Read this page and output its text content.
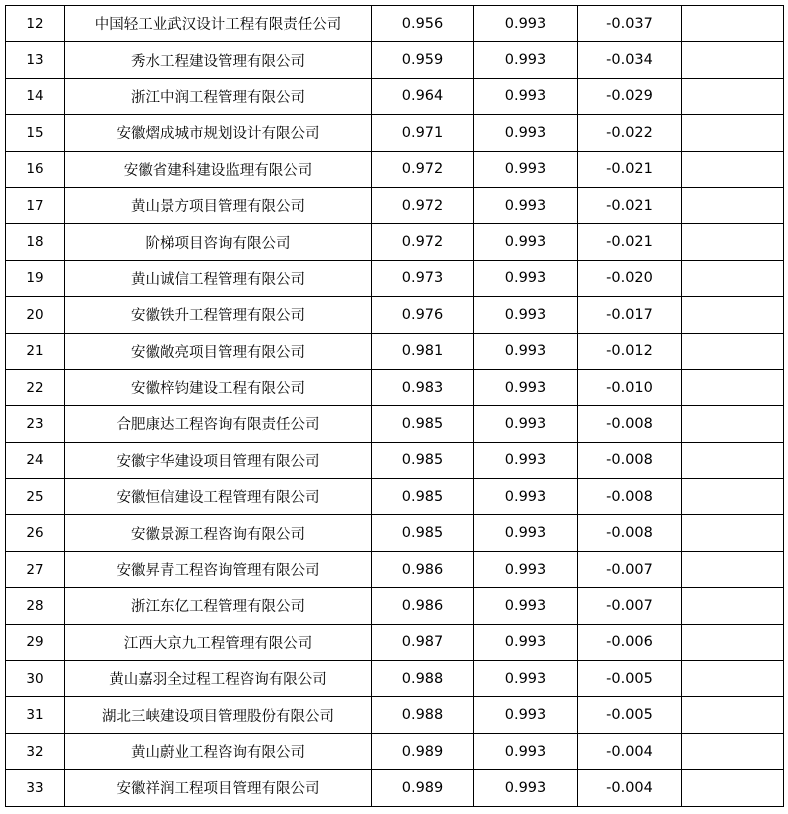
12	中国轻工业武汉设计工程有限责任公司	0.956	0.993	-0.037	
13	秀水工程建设管理有限公司	0.959	0.993	-0.034	
14	浙江中润工程管理有限公司	0.964	0.993	-0.029	
15	安徽熠成城市规划设计有限公司	0.971	0.993	-0.022	
16	安徽省建科建设监理有限公司	0.972	0.993	-0.021	
17	黄山景方项目管理有限公司	0.972	0.993	-0.021	
18	阶梯项目咨询有限公司	0.972	0.993	-0.021	
19	黄山诚信工程管理有限公司	0.973	0.993	-0.020	
20	安徽铁升工程管理有限公司	0.976	0.993	-0.017	
21	安徽敞亮项目管理有限公司	0.981	0.993	-0.012	
22	安徽梓钧建设工程有限公司	0.983	0.993	-0.010	
23	合肥康达工程咨询有限责任公司	0.985	0.993	-0.008	
24	安徽宇华建设项目管理有限公司	0.985	0.993	-0.008	
25	安徽恒信建设工程管理有限公司	0.985	0.993	-0.008	
26	安徽景源工程咨询有限公司	0.985	0.993	-0.008	
27	安徽昇青工程咨询管理有限公司	0.986	0.993	-0.007	
28	浙江东亿工程管理有限公司	0.986	0.993	-0.007	
29	江西大京九工程管理有限公司	0.987	0.993	-0.006	
30	黄山嘉羽全过程工程咨询有限公司	0.988	0.993	-0.005	
31	湖北三峡建设项目管理股份有限公司	0.988	0.993	-0.005	
32	黄山蔚业工程咨询有限公司	0.989	0.993	-0.004	
33	安徽祥润工程项目管理有限公司	0.989	0.993	-0.004	
